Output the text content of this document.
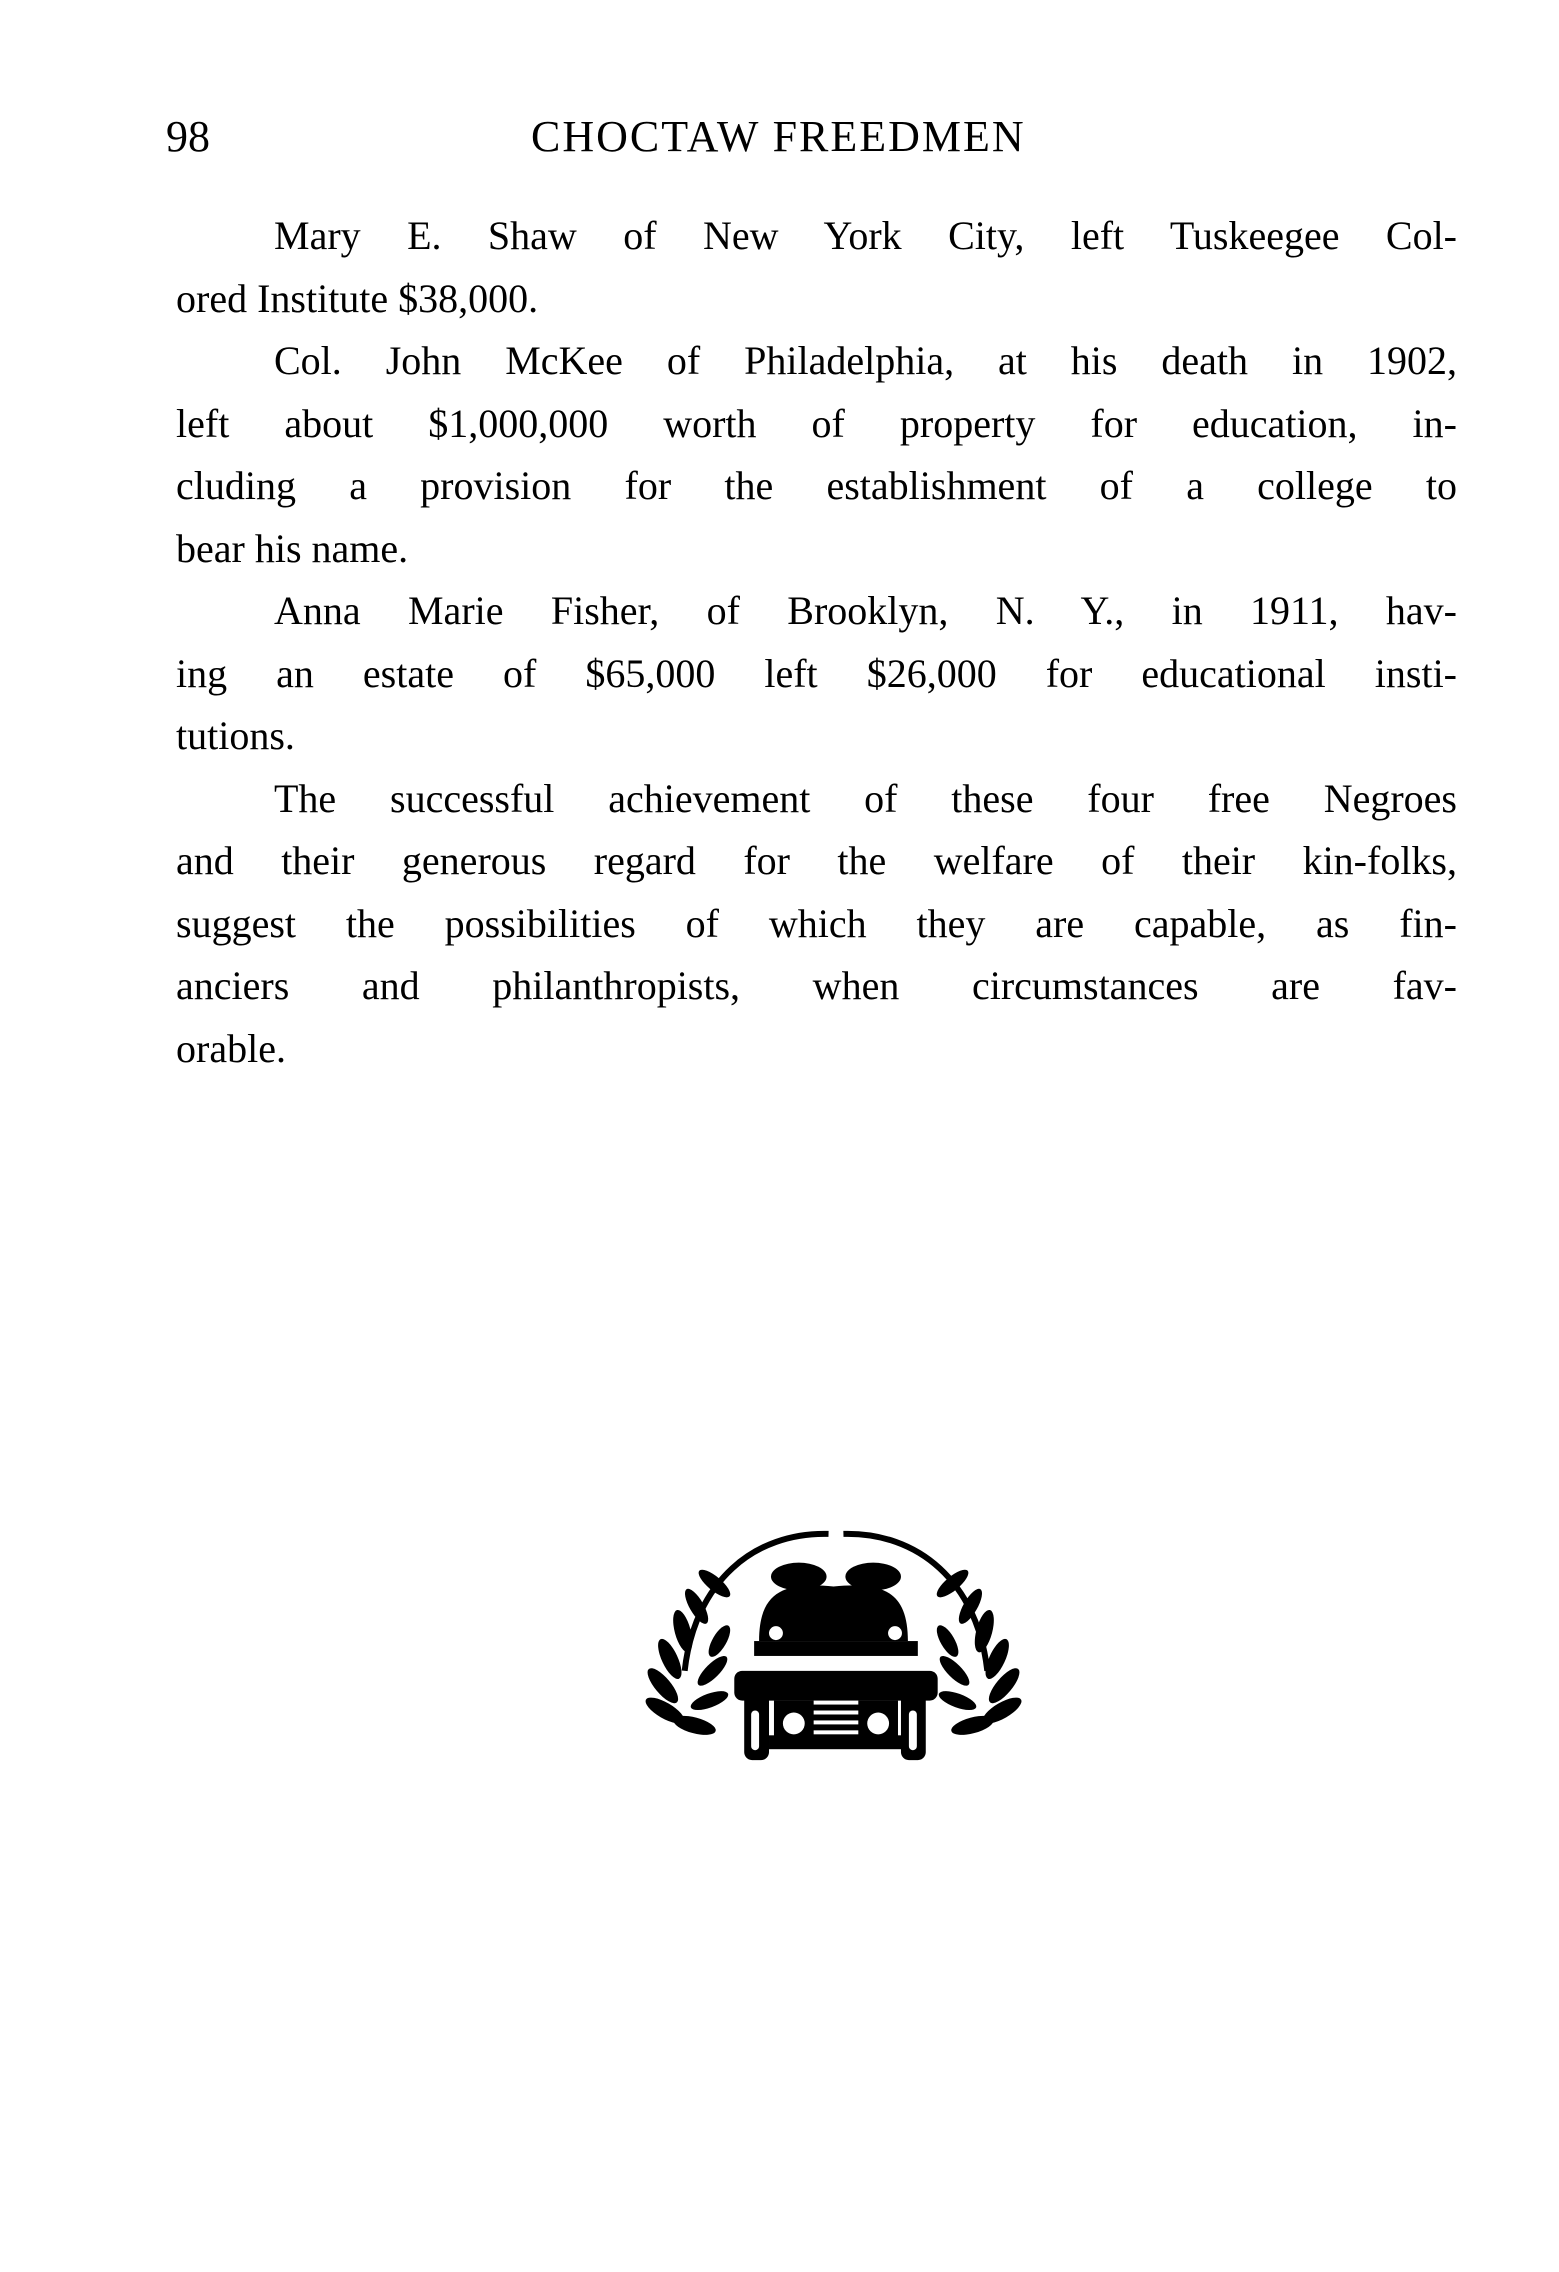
98	CHOCTAW FREEDMEN
Mary E. Shaw of New York City, left Tuskeegee Col-
ored Institute $38,000.
Col. John McKee of Philadelphia, at his death in 1902,
left about $1,000,000 worth of property for education, in-
cluding a provision for the establishment of a college to
bear his name.
Anna Marie Fisher, of Brooklyn, N. Y., in 1911, hav-
ing an estate of $65,000 left $26,000 for educational insti-
tutions.
The successful achievement of these four free Negroes
and their generous regard for the welfare of their kin-folks,
suggest the possibilities of which they are capable, as fin-
anciers and philanthropists, when circumstances are fav-
orable.
